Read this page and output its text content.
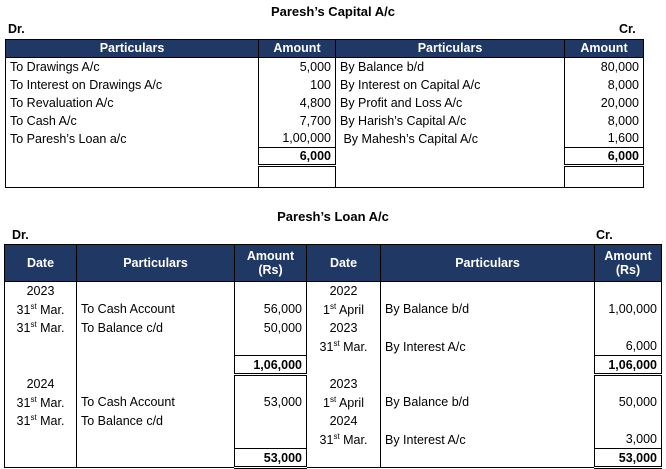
Paresh’s Capital A/c
Dr.	Cr.
Particulars	Amount	Particulars	Amount
To Drawings A/c	5,000	By Balance b/d	80,000
To Interest on Drawings A/c	100	By Interest on Capital A/c	8,000
To Revaluation A/c	4,800	By Profit and Loss A/c	20,000
To Cash A/c	7,700	By Harish’s Capital A/c	8,000
To Paresh’s Loan a/c	1,00,000	By Mahesh’s Capital A/c	1,600
	6,000		6,000

Paresh’s Loan A/c
Dr.	Cr.
Date	Particulars	Amount (Rs)	Date	Particulars	Amount (Rs)
2023			2022		
31st Mar.	To Cash Account	56,000	1st April	By Balance b/d	1,00,000
31st Mar.	To Balance c/d	50,000	2023		
			31st Mar.	By Interest A/c	6,000
		1,06,000			1,06,000
2024			2023		
31st Mar.	To Cash Account	53,000	1st April	By Balance b/d	50,000
31st Mar.	To Balance c/d		2024		
			31st Mar.	By Interest A/c	3,000
		53,000			53,000
